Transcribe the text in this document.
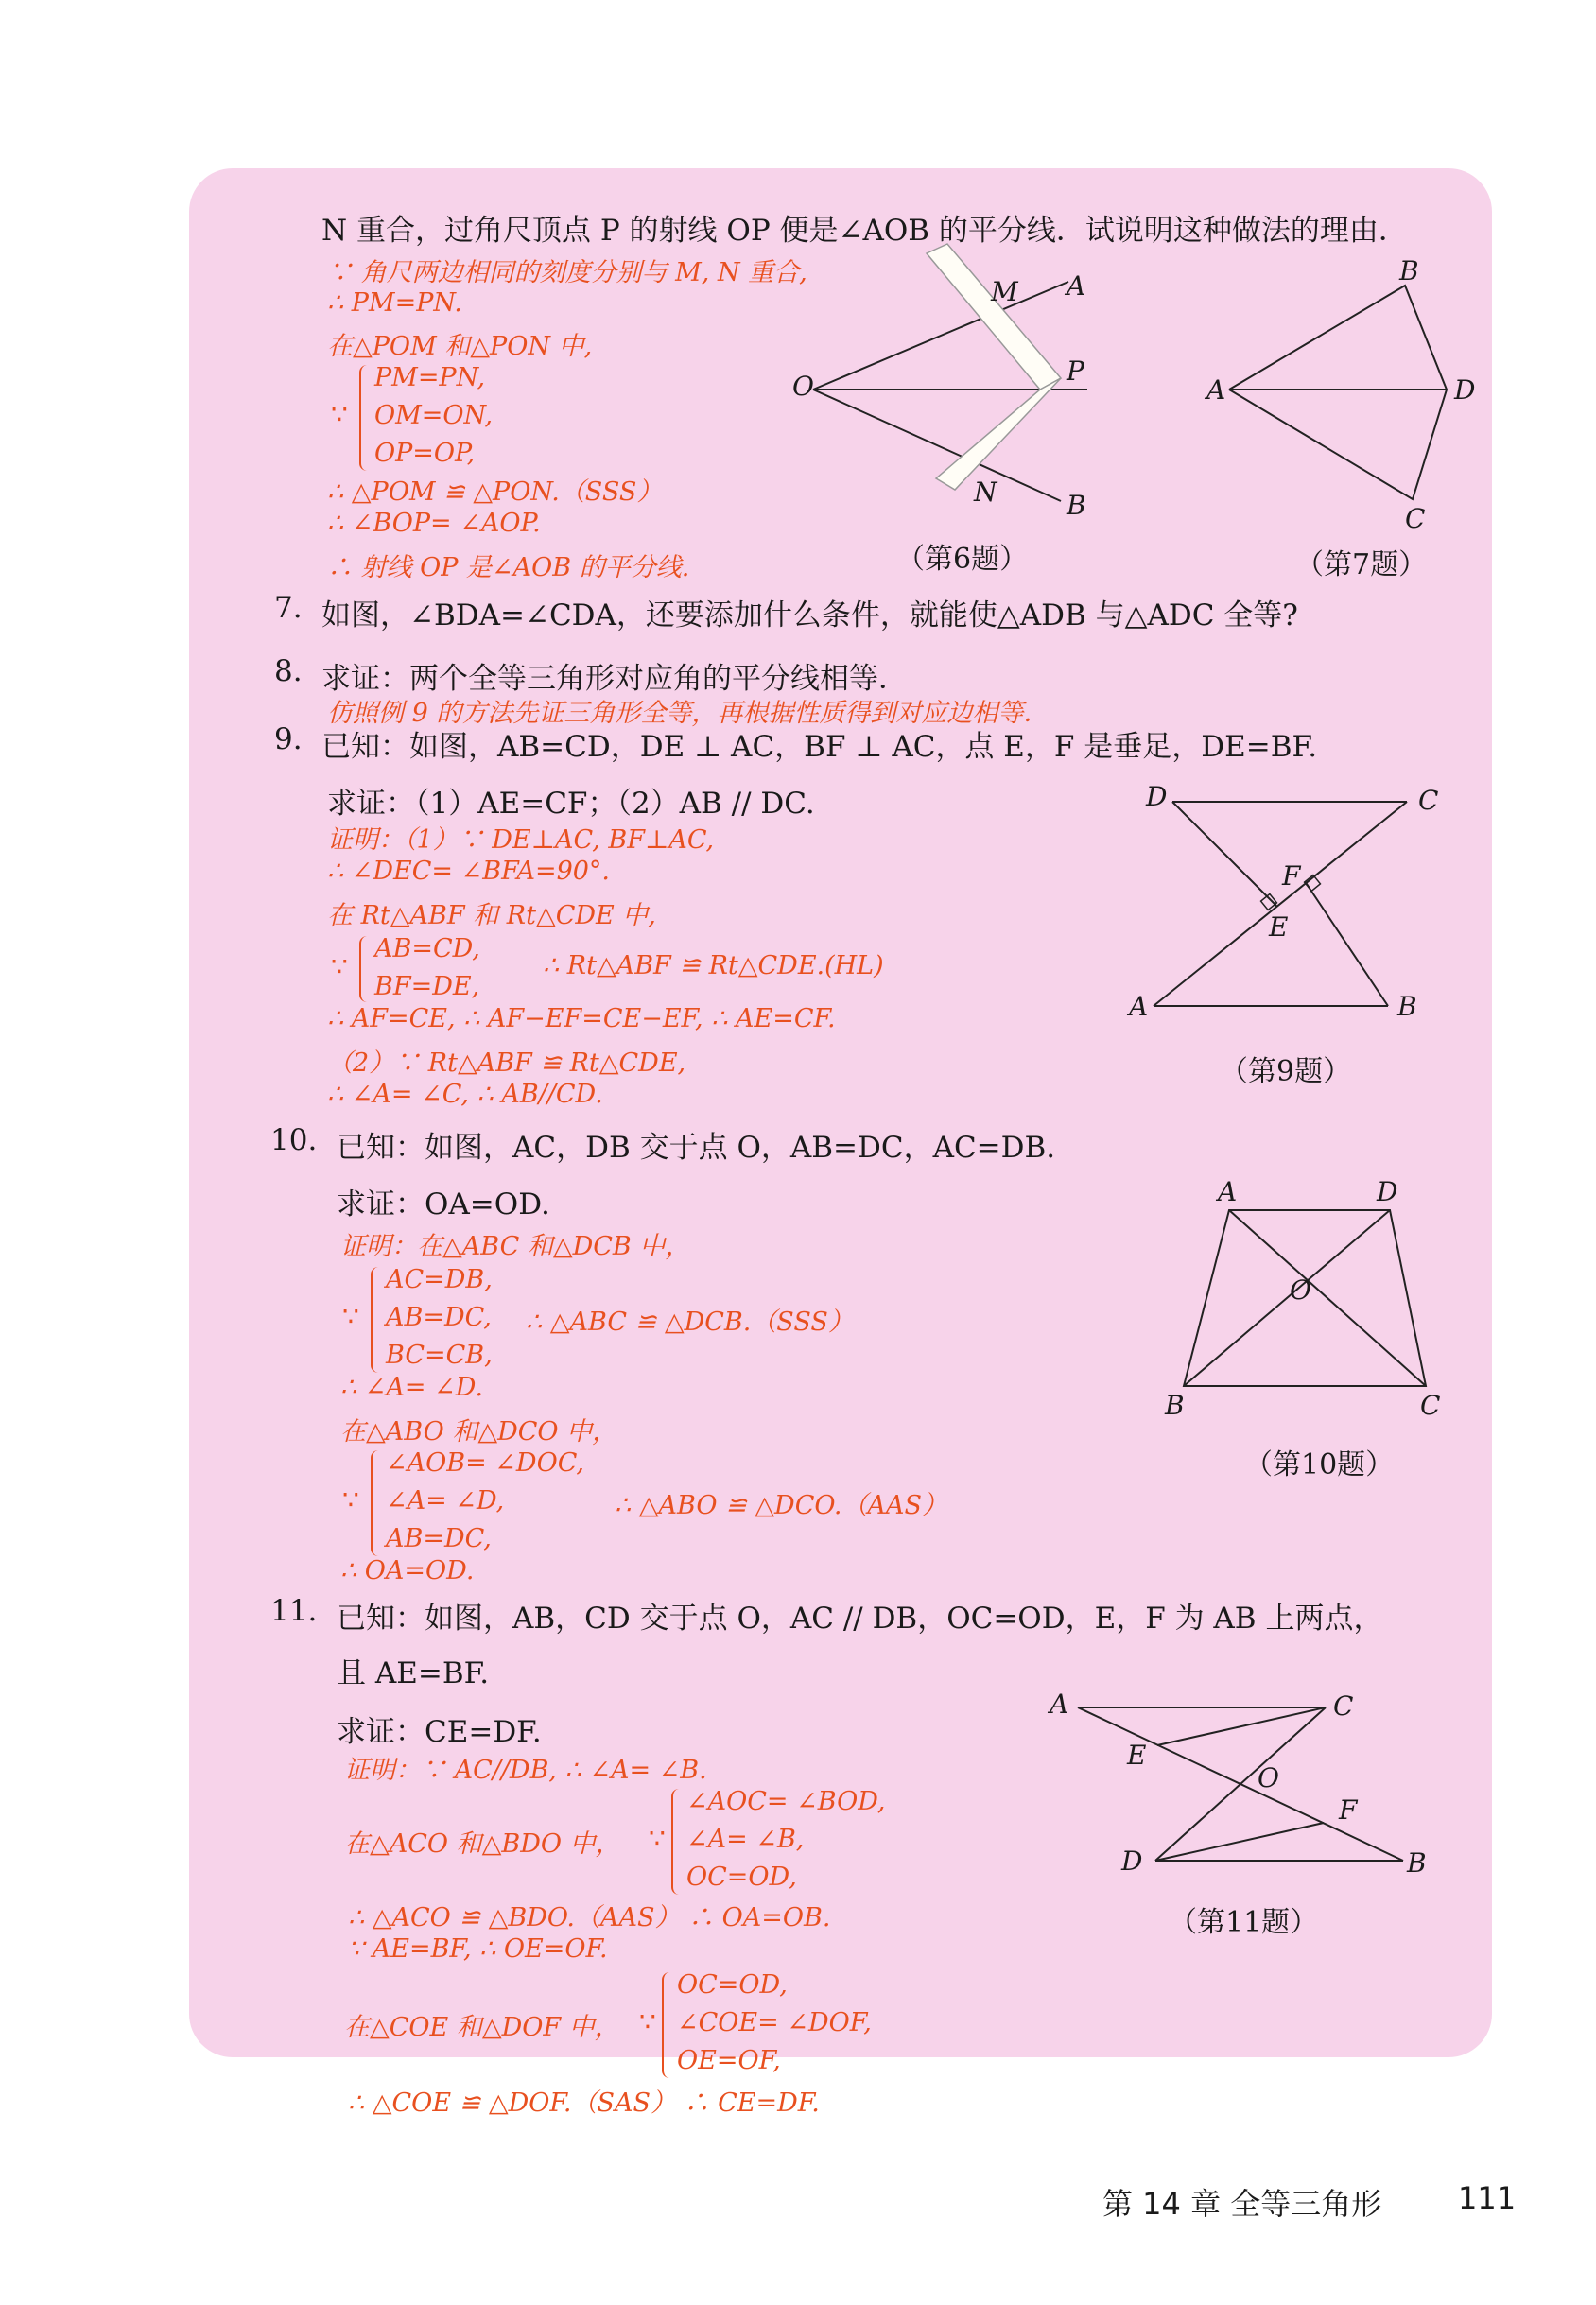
N 重合，过角尺顶点 P 的射线 OP 便是∠AOB 的平分线．试说明这种做法的理由．
∵ 角尺两边相同的刻度分别与 M, N 重合,
∴ PM=PN.
在△POM 和△PON 中,
∵
PM=PN,
OM=ON,
OP=OP,
∴ △POM ≌ △PON.（SSS）
∴ ∠BOP= ∠AOP.
∴ 射线 OP 是∠AOB 的平分线.
O
M A
P
N	B
（第6题）
A
B
D
C
（第7题）
7. 如图，∠BDA=∠CDA，还要添加什么条件，就能使△ADB 与△ADC 全等?
8. 求证：两个全等三角形对应角的平分线相等．
仿照例 9 的方法先证三角形全等，再根据性质得到对应边相等．
9. 已知：如图，AB=CD，DE ⊥ AC，BF ⊥ AC，点 E，F 是垂足，DE=BF.
求证：（1）AE=CF；（2）AB // DC.
证明：（1）∵ DE⊥AC, BF⊥AC,
∴ ∠DEC= ∠BFA=90°.
在 Rt△ABF 和 Rt△CDE 中,
∵
AB=CD,
BF=DE,
∴ Rt△ABF ≌ Rt△CDE.(HL)
∴ AF=CE, ∴ AF−EF=CE−EF, ∴ AE=CF.
（2）∵ Rt△ABF ≌ Rt△CDE,
∴ ∠A= ∠C, ∴ AB//CD.
D	C
F
E
A	B
（第9题）
10. 已知：如图，AC，DB 交于点 O，AB=DC，AC=DB.
求证：OA=OD.
证明：在△ABC 和△DCB 中，
∵
AC=DB,
AB=DC,
BC=CB,
∴ △ABC ≌ △DCB.（SSS）
∴ ∠A= ∠D.
在△ABO 和△DCO 中，
∵
∠AOB= ∠DOC,
∠A= ∠D,
AB=DC,
∴ △ABO ≌ △DCO.（AAS）
∴ OA=OD.
A	D
O
B	C
（第10题）
11. 已知：如图，AB，CD 交于点 O，AC // DB，OC=OD，E，F 为 AB 上两点，
且 AE=BF.
求证：CE=DF.
证明：∵ AC//DB, ∴ ∠A= ∠B.
在△ACO 和△BDO 中， ∵
∠AOC= ∠BOD,
∠A= ∠B,
OC=OD,
∴ △ACO ≌ △BDO.（AAS） ∴ OA=OB.
∵ AE=BF, ∴ OE=OF.
在△COE 和△DOF 中， ∵
OC=OD,
∠COE= ∠DOF,
OE=OF,
∴ △COE ≌ △DOF.（SAS） ∴ CE=DF.
A	C
E
O
F
D	B
（第11题）
第 14 章 全等三角形	111
